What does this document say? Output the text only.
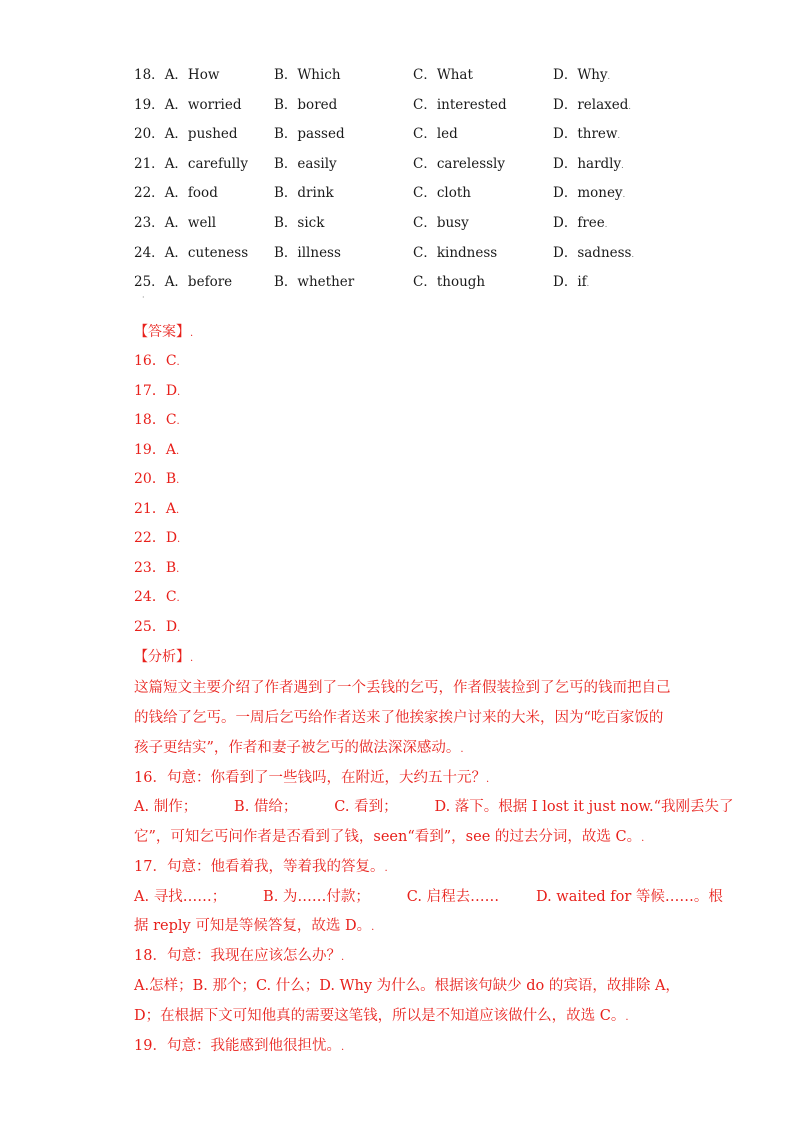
18．A．How	B．Which	C．What	D．Why.
19．A．worried B．bored	C．interested	D．relaxed.
20．A．pushed	B．passed	C．led	D．threw.
21．A．carefully B．easily	C．carelessly	D．hardly.
22．A．food	B．drink	C．cloth	D．money.
23．A．well	B．sick	C．busy	D．free.
24．A．cuteness B．illness	C．kindness	D．sadness.
25．A．before	B．whether	C．though	D．if.
·
【答案】.
16．C.
17．D.
18．C.
19．A.
20．B.
21．A.
22．D.
23．B.
24．C.
25．D.
【分析】.
这篇短文主要介绍了作者遇到了一个丢钱的乞丐，作者假装捡到了乞丐的钱而把自己
的钱给了乞丐。一周后乞丐给作者送来了他挨家挨户讨来的大米，因为“吃百家饭的
孩子更结实”，作者和妻子被乞丐的做法深深感动。.
16．句意：你看到了一些钱吗，在附近，大约五十元？.
A. 制作；        B. 借给；        C. 看到；        D. 落下。根据 I lost it just now.“我刚丢失了
它”，可知乞丐问作者是否看到了钱，seen“看到”，see 的过去分词，故选 C。.
17．句意：他看着我，等着我的答复。.
A. 寻找……；        B. 为……付款；        C. 启程去……        D. waited for 等候……。根
据 reply 可知是等候答复，故选 D。.
18．句意：我现在应该怎么办？.
A.怎样；B. 那个；C. 什么；D. Why 为什么。根据该句缺少 do 的宾语，故排除 A，
D；在根据下文可知他真的需要这笔钱，所以是不知道应该做什么，故选 C。.
19．句意：我能感到他很担忧。.
